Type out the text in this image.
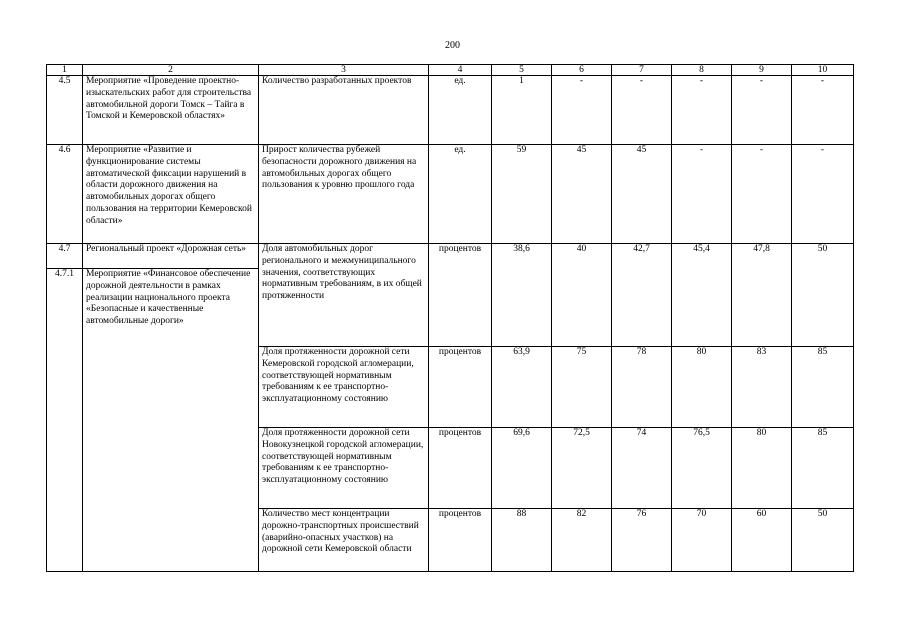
200
1	2	3	4	5	6	7	8	9	10
4.5	Мероприятие «Проведение проектно-изыскательских работ для строительства автомобильной дороги Томск – Тайга в Томской и Кемеровской областях»	Количество разработанных проектов	ед.	1	-	-	-	-	-
4.6	Мероприятие «Развитие и функционирование системы автоматической фиксации нарушений в области дорожного движения на автомобильных дорогах общего пользования на территории Кемеровской области»	Прирост количества рубежей безопасности дорожного движения на автомобильных дорогах общего пользования к уровню прошлого года	ед.	59	45	45	-	-	-
4.7	Региональный проект «Дорожная сеть»	Доля автомобильных дорог регионального и межмуниципального значения, соответствующих нормативным требованиям, в их общей протяженности	процентов	38,6	40	42,7	45,4	47,8	50
4.7.1	Мероприятие «Финансовое обеспечение дорожной деятельности в рамках реализации национального проекта «Безопасные и качественные автомобильные дороги»								
		Доля протяженности дорожной сети Кемеровской городской агломерации, соответствующей нормативным требованиям к ее транспортно-эксплуатационному состоянию	процентов	63,9	75	78	80	83	85
		Доля протяженности дорожной сети Новокузнецкой городской агломерации, соответствующей нормативным требованиям к ее транспортно-эксплуатационному состоянию	процентов	69,6	72,5	74	76,5	80	85
		Количество мест концентрации дорожно-транспортных происшествий (аварийно-опасных участков) на дорожной сети Кемеровской области	процентов	88	82	76	70	60	50
